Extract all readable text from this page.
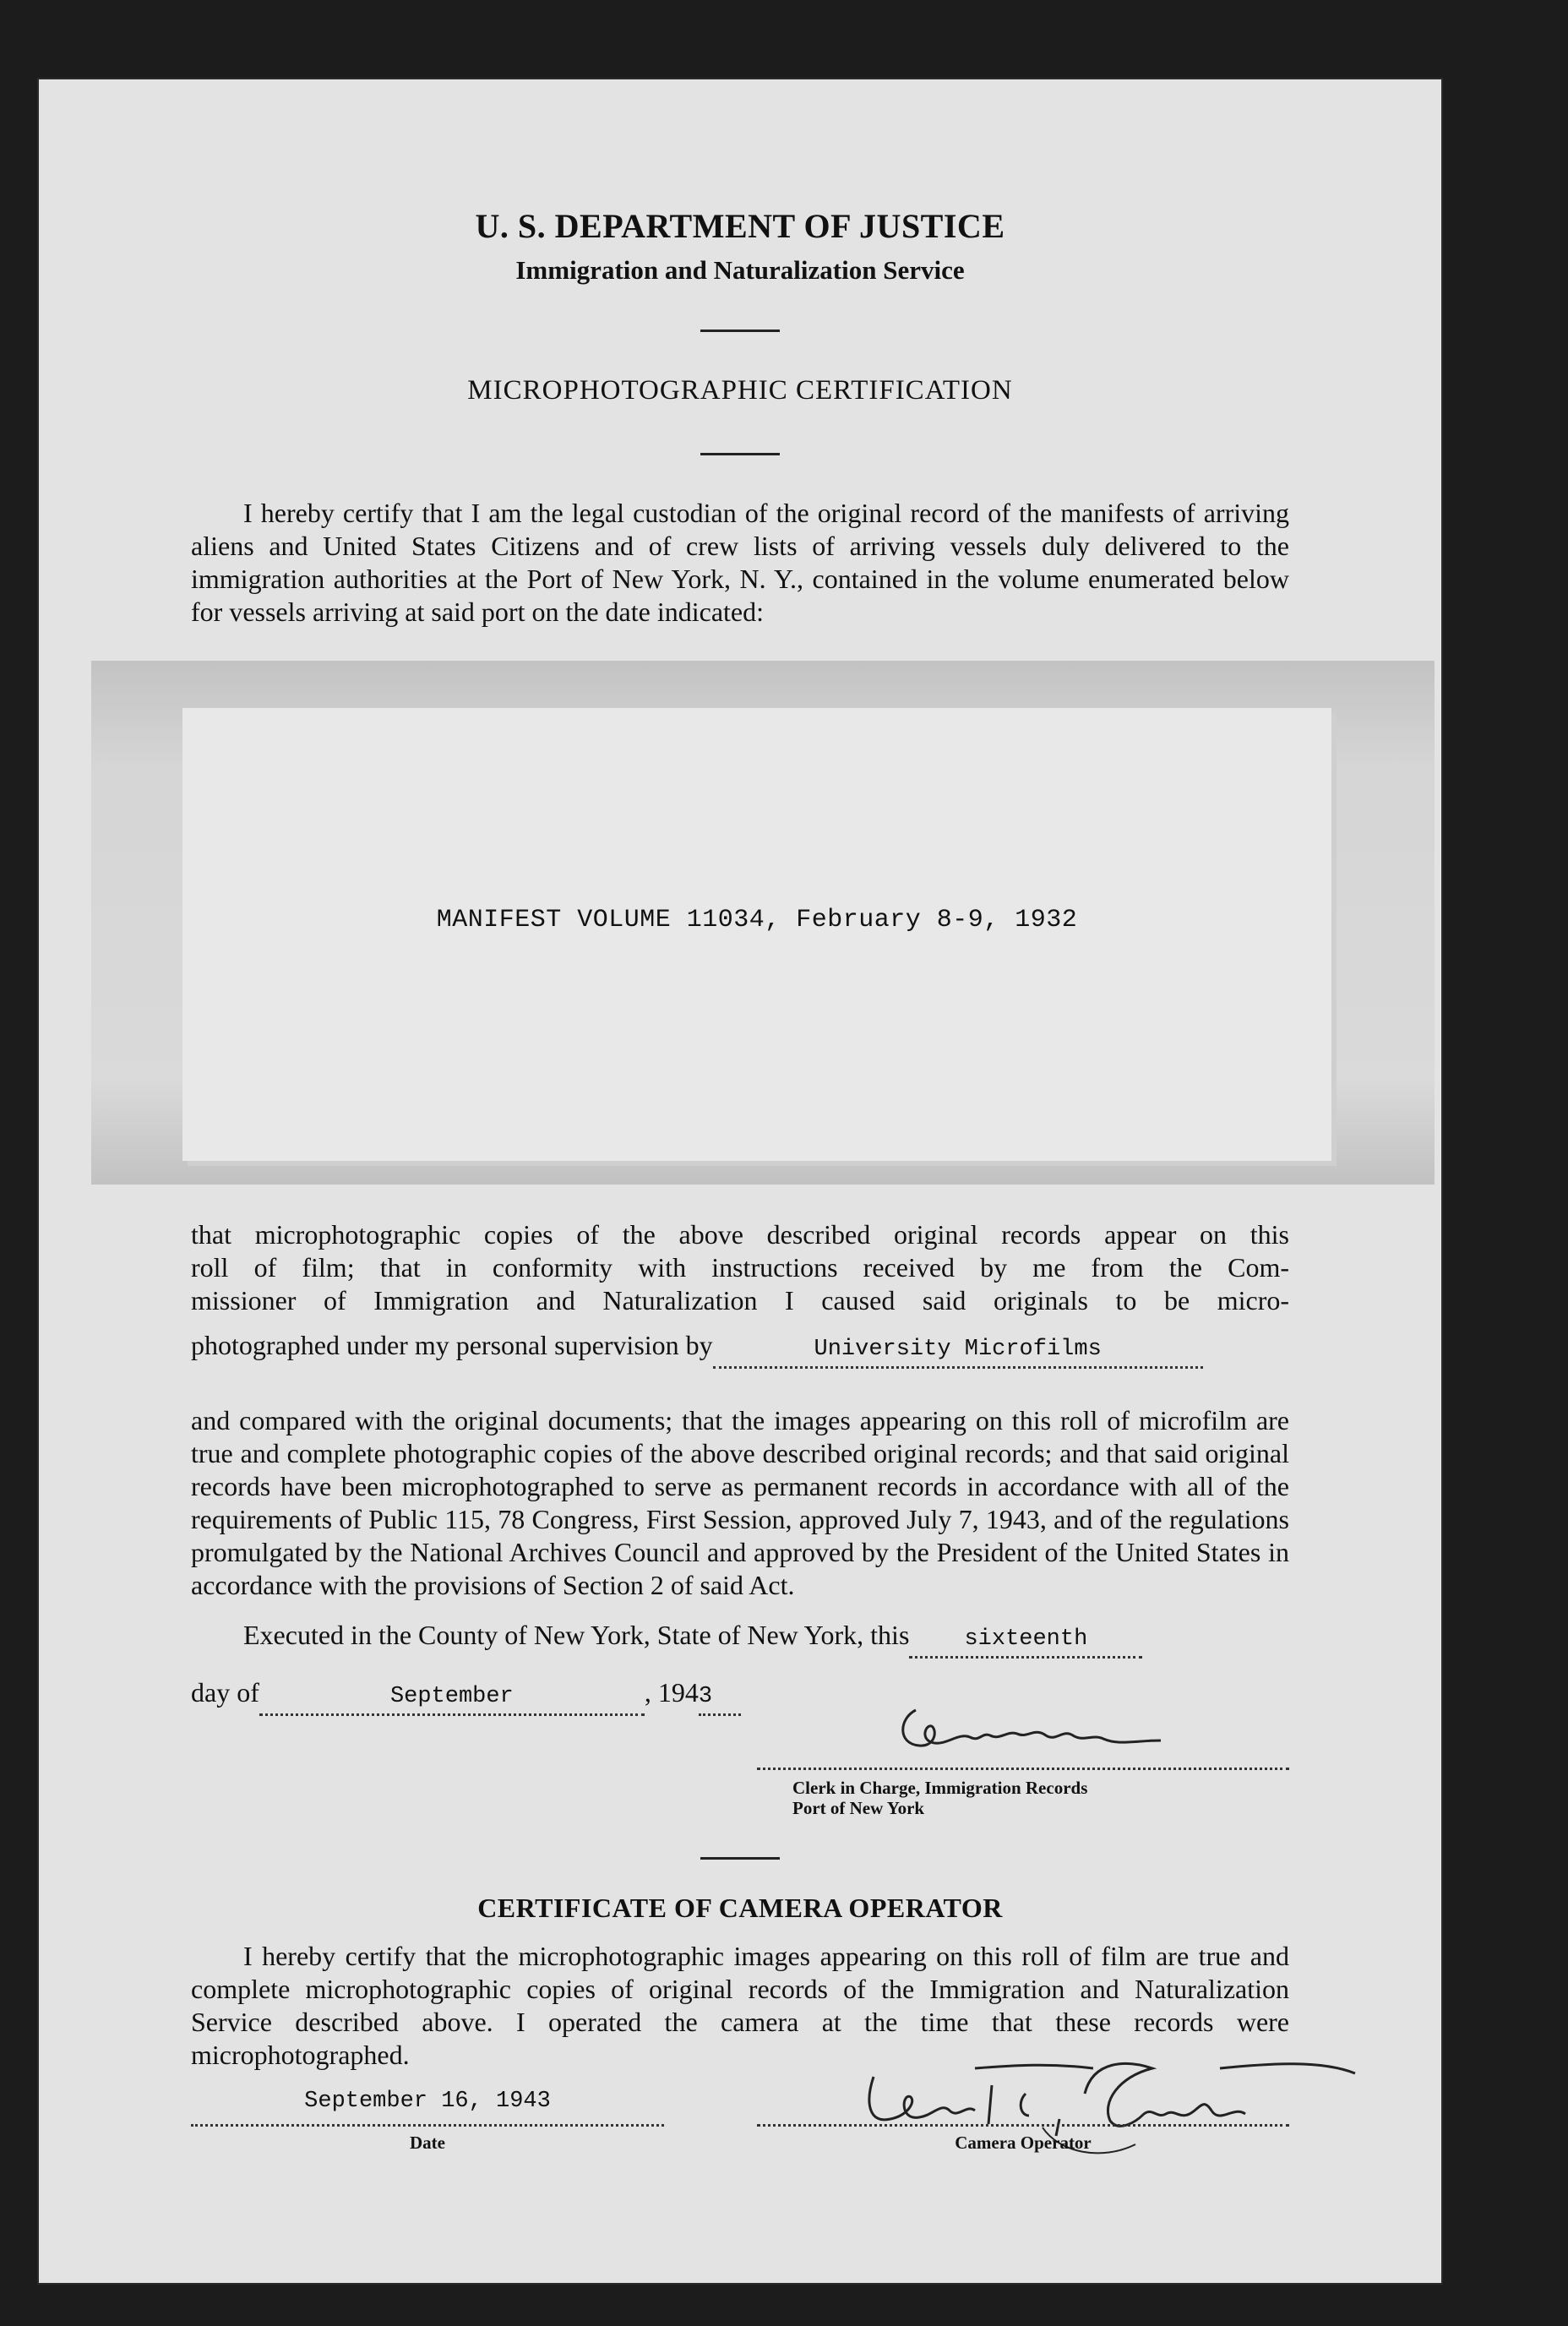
U. S. DEPARTMENT OF JUSTICE
Immigration and Naturalization Service
MICROPHOTOGRAPHIC CERTIFICATION
I hereby certify that I am the legal custodian of the original record of the manifests of arriving aliens and United States Citizens and of crew lists of arriving vessels duly delivered to the immigration authorities at the Port of New York, N. Y., contained in the volume enumerated below for vessels arriving at said port on the date indicated:
MANIFEST VOLUME 11034, February 8-9, 1932
that microphotographic copies of the above described original records appear on this
roll of film; that in conformity with instructions received by me from the Com-
missioner of Immigration and Naturalization I caused said originals to be micro-
photographed under my personal supervision by	University Microfilms
and compared with the original documents; that the images appearing on this roll of microfilm are true and complete photographic copies of the above described original records; and that said original records have been microphotographed to serve as permanent records in accordance with all of the requirements of Public 115, 78 Congress, First Session, approved July 7, 1943, and of the regulations promulgated by the National Archives Council and approved by the President of the United States in accordance with the provisions of Section 2 of said Act.
Executed in the County of New York, State of New York, this sixteenth
day of	September	, 1943
Clerk in Charge, Immigration Records
Port of New York
CERTIFICATE OF CAMERA OPERATOR
I hereby certify that the microphotographic images appearing on this roll of film are true and complete microphotographic copies of original records of the Immigration and Naturalization Service described above. I operated the camera at the time that these records were microphotographed.
September 16, 1943
Date	Camera Operator
